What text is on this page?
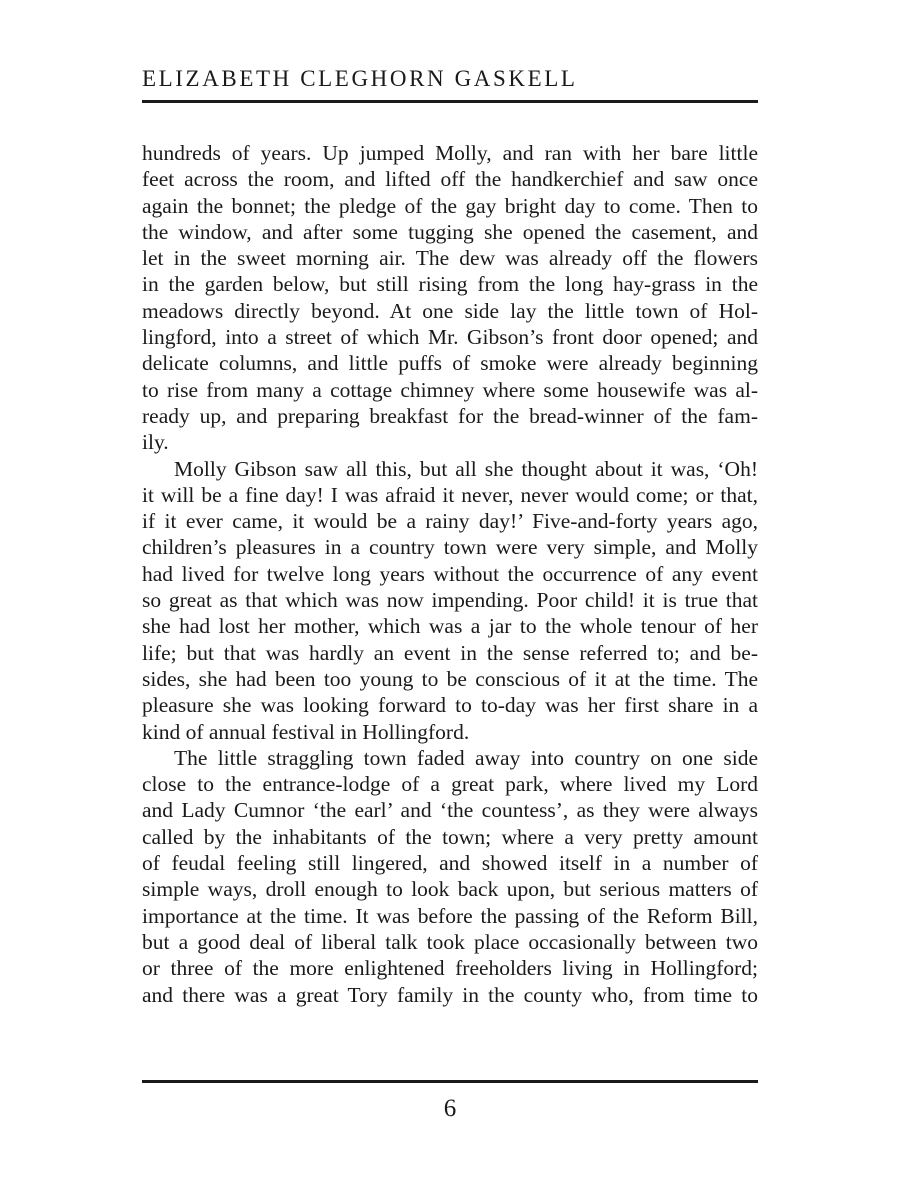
ELIZABETH CLEGHORN GASKELL
hundreds of years. Up jumped Molly, and ran with her bare little
feet across the room, and lifted off the handkerchief and saw once
again the bonnet; the pledge of the gay bright day to come. Then to
the window, and after some tugging she opened the casement, and
let in the sweet morning air. The dew was already off the flowers
in the garden below, but still rising from the long hay-grass in the
meadows directly beyond. At one side lay the little town of Hol-
lingford, into a street of which Mr. Gibson’s front door opened; and
delicate columns, and little puffs of smoke were already beginning
to rise from many a cottage chimney where some housewife was al-
ready up, and preparing breakfast for the bread-winner of the fam-
ily.
Molly Gibson saw all this, but all she thought about it was, ‘Oh!
it will be a fine day! I was afraid it never, never would come; or that,
if it ever came, it would be a rainy day!’ Five-and-forty years ago,
children’s pleasures in a country town were very simple, and Molly
had lived for twelve long years without the occurrence of any event
so great as that which was now impending. Poor child! it is true that
she had lost her mother, which was a jar to the whole tenour of her
life; but that was hardly an event in the sense referred to; and be-
sides, she had been too young to be conscious of it at the time. The
pleasure she was looking forward to to-day was her first share in a
kind of annual festival in Hollingford.
The little straggling town faded away into country on one side
close to the entrance-lodge of a great park, where lived my Lord
and Lady Cumnor ‘the earl’ and ‘the countess’, as they were always
called by the inhabitants of the town; where a very pretty amount
of feudal feeling still lingered, and showed itself in a number of
simple ways, droll enough to look back upon, but serious matters of
importance at the time. It was before the passing of the Reform Bill,
but a good deal of liberal talk took place occasionally between two
or three of the more enlightened freeholders living in Hollingford;
and there was a great Tory family in the county who, from time to
6
